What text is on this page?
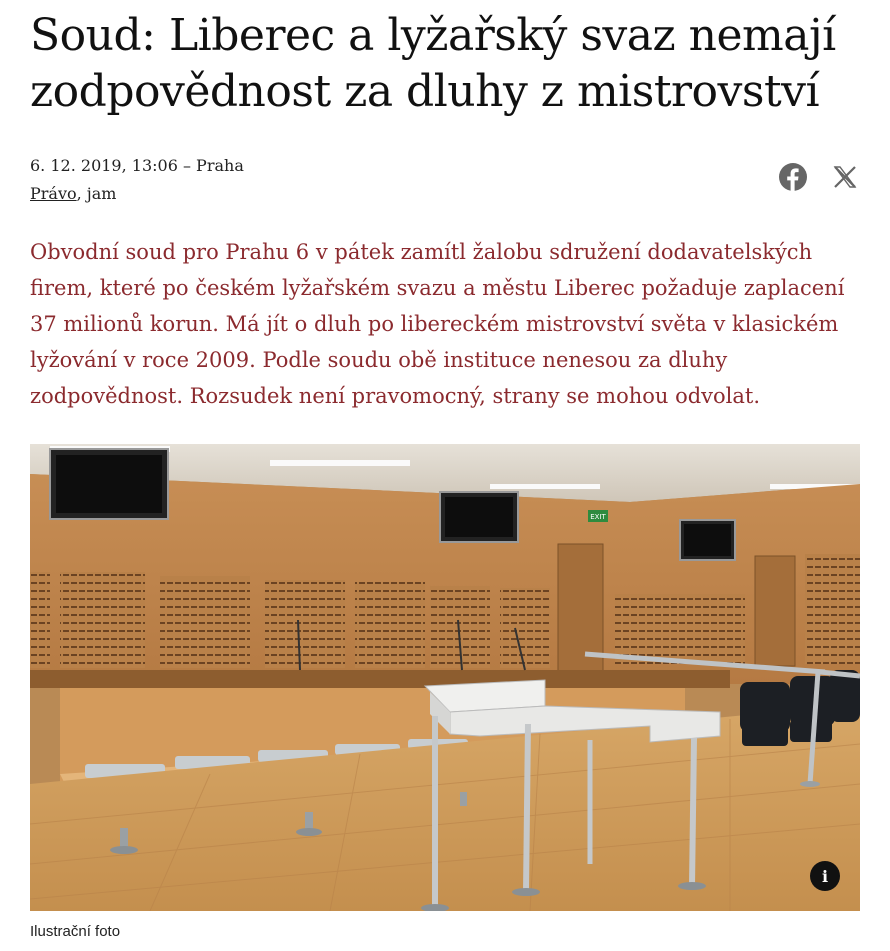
Soud: Liberec a lyžařský svaz nemají zodpovědnost za dluhy z mistrovství
6. 12. 2019, 13:06 – Praha
Právo, jam

Obvodní soud pro Prahu 6 v pátek zamítl žalobu sdružení dodavatelských firem, které po českém lyžařském svazu a městu Liberec požaduje zaplacení 37 milionů korun. Má jít o dluh po libereckém mistrovství světa v klasickém lyžování v roce 2009. Podle soudu obě instituce nenesou za dluhy zodpovědnost. Rozsudek není pravomocný, strany se mohou odvolat.

EXIT
i
Ilustrační foto
